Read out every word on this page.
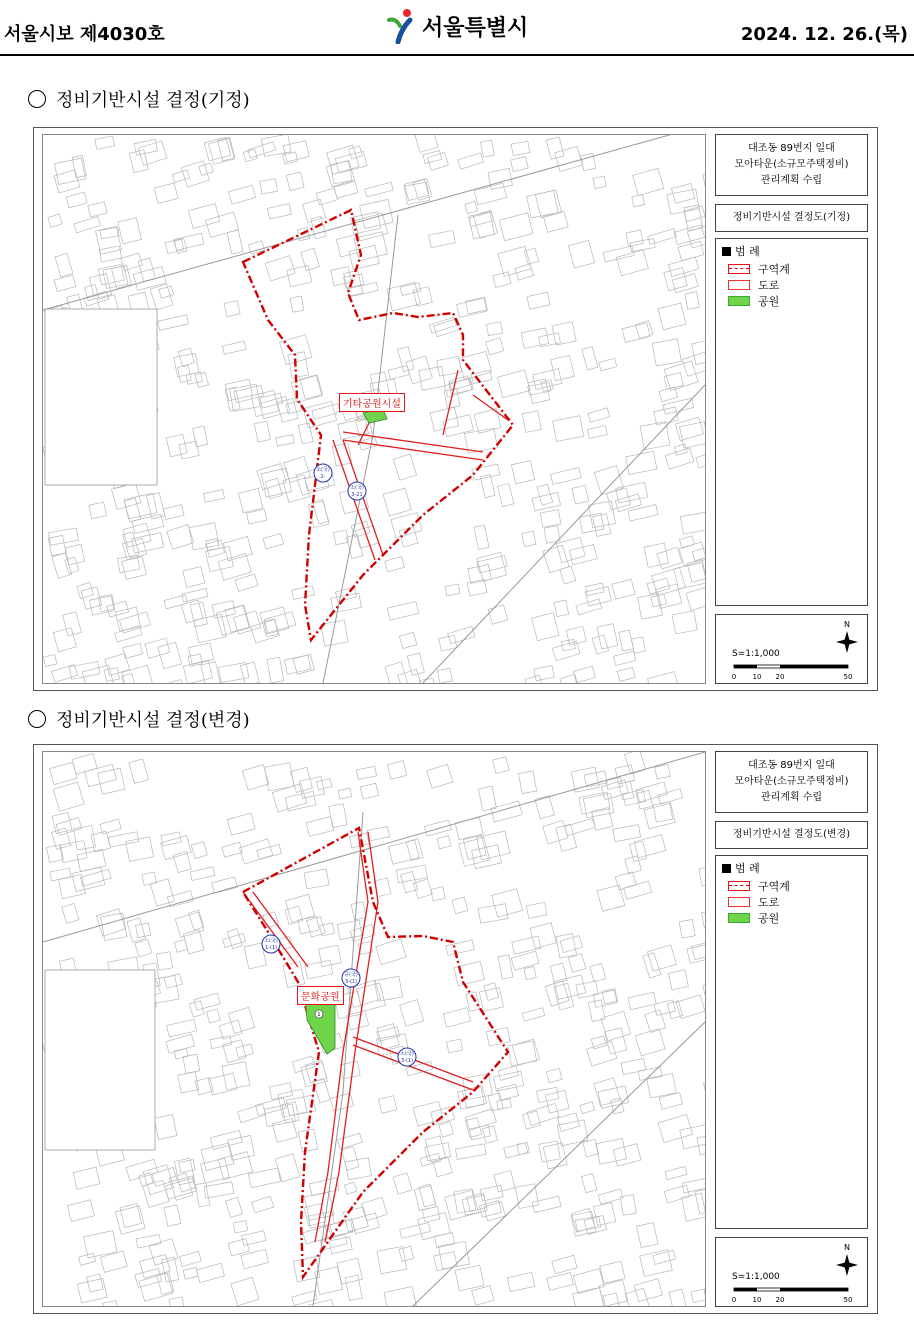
서울시보 제4030호	서울특별시	2024. 12. 26.(목)
정비기반시설 결정(기정)
소(국)
2-
소(국)
3-21
기타공원시설
대조동 89번지 일대
모아타운(소규모주택정비)
관리계획 수립
정비기반시설 결정도(기정)
범 례
구역계
도로
공원
N
0 10 20	50
S=1:1,000
정비기반시설 결정(변경)
1
소(국)
1-(1)
중(국)
3-(1)
소(국)
3-(1)
문화공원
대조동 89번지 일대
모아타운(소규모주택정비)
관리계획 수립
정비기반시설 결정도(변경)
범 례
구역계
도로
공원
N
0 10 20	50
S=1:1,000
